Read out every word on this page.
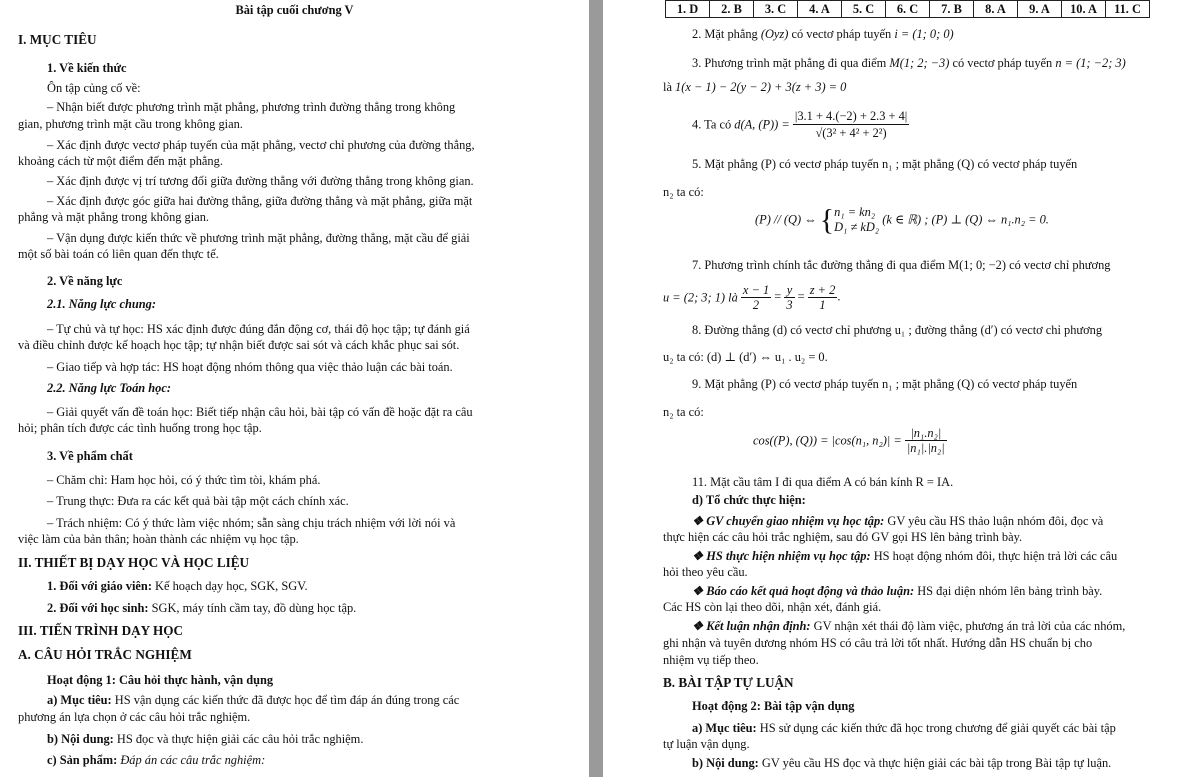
Bài tập cuối chương V
I. MỤC TIÊU
1. Về kiến thức
Ôn tập củng cố về:
– Nhận biết được phương trình mặt phẳng, phương trình đường thẳng trong không
gian, phương trình mặt cầu trong không gian.
– Xác định được vectơ pháp tuyến của mặt phẳng, vectơ chỉ phương của đường thẳng,
khoảng cách từ một điểm đến mặt phẳng.
– Xác định được vị trí tương đối giữa đường thẳng với đường thẳng trong không gian.
– Xác định được góc giữa hai đường thẳng, giữa đường thẳng và mặt phẳng, giữa mặt
phẳng và mặt phẳng trong không gian.
– Vận dụng được kiến thức về phương trình mặt phẳng, đường thẳng, mặt cầu để giải
một số bài toán có liên quan đến thực tế.
2. Về năng lực
2.1. Năng lực chung:
– Tự chủ và tự học: HS xác định được đúng đắn động cơ, thái độ học tập; tự đánh giá
và điều chỉnh được kế hoạch học tập; tự nhận biết được sai sót và cách khắc phục sai sót.
– Giao tiếp và hợp tác: HS hoạt động nhóm thông qua việc thảo luận các bài toán.
2.2. Năng lực Toán học:
– Giải quyết vấn đề toán học: Biết tiếp nhận câu hỏi, bài tập có vấn đề hoặc đặt ra câu
hỏi; phân tích được các tình huống trong học tập.
3. Về phẩm chất
– Chăm chỉ: Ham học hỏi, có ý thức tìm tòi, khám phá.
– Trung thực: Đưa ra các kết quả bài tập một cách chính xác.
– Trách nhiệm: Có ý thức làm việc nhóm; sẵn sàng chịu trách nhiệm với lời nói và
việc làm của bản thân; hoàn thành các nhiệm vụ học tập.
II. THIẾT BỊ DẠY HỌC VÀ HỌC LIỆU
1. Đối với giáo viên: Kế hoạch dạy học, SGK, SGV.
2. Đối với học sinh: SGK, máy tính cầm tay, đồ dùng học tập.
III. TIẾN TRÌNH DẠY HỌC
A. CÂU HỎI TRẮC NGHIỆM
Hoạt động 1: Câu hỏi thực hành, vận dụng
a) Mục tiêu: HS vận dụng các kiến thức đã được học để tìm đáp án đúng trong các
phương án lựa chọn ở các câu hỏi trắc nghiệm.
b) Nội dung: HS đọc và thực hiện giải các câu hỏi trắc nghiệm.
c) Sản phẩm: Đáp án các câu trắc nghiệm:
1. D	2. B	3. C	4. A	5. C	6. C	7. B	8. A	9. A	10. A	11. C
2. Mặt phẳng (Oyz) có vectơ pháp tuyến i = (1; 0; 0)
3. Phương trình mặt phẳng đi qua điểm M(1; 2; −3) có vectơ pháp tuyến n = (1; −2; 3)
là 1(x − 1) − 2(y − 2) + 3(z + 3) = 0
4. Ta có d(A, $(P)) = \frac{|3.1 + 4.(-2) + 2.3 + 4|}{\text{√(3² + 4² + 2²)}}$
5. Mặt phẳng (P) có vectơ pháp tuyến n₁ ; mặt phẳng (Q) có vectơ pháp tuyến
n₂ ta có:
(P) // (Q) ⇔ { n₁ = kn₂
D₁ ≠ kD₂
(k ∈ ℝ) ; (P) ⊥ (Q) ⇔ n₁.n₂ = 0.
7. Phương trình chính tắc đường thẳng đi qua điểm M(1; 0; −2) có vectơ chỉ phương
u = (2; 3; 1) là $\frac{x - 1}{2} = \frac{y}{3} = \frac{z + 2}{1}$ .
8. Đường thẳng (d) có vectơ chỉ phương u₁ ; đường thẳng (d′) có vectơ chỉ phương
u₂ ta có: (d) ⊥ (d′) ⇔ u₁ . u₂ = 0.
9. Mặt phẳng (P) có vectơ pháp tuyến n₁ ; mặt phẳng (Q) có vectơ pháp tuyến
n₂ ta có:
cos((P), (Q)) = |cos(n₁, $n_2)| = \frac{\text{|n₁.n₂|}}{\text{|n₁|.|n₂|}}$
11. Mặt cầu tâm I đi qua điểm A có bán kính R = IA.
d) Tổ chức thực hiện:
❖ GV chuyển giao nhiệm vụ học tập: GV yêu cầu HS thảo luận nhóm đôi, đọc và
thực hiện các câu hỏi trắc nghiệm, sau đó GV gọi HS lên bảng trình bày.
❖ HS thực hiện nhiệm vụ học tập: HS hoạt động nhóm đôi, thực hiện trả lời các câu
hỏi theo yêu cầu.
❖ Báo cáo kết quả hoạt động và thảo luận: HS đại diện nhóm lên bảng trình bày.
Các HS còn lại theo dõi, nhận xét, đánh giá.
❖ Kết luận nhận định: GV nhận xét thái độ làm việc, phương án trả lời của các nhóm,
ghi nhận và tuyên dương nhóm HS có câu trả lời tốt nhất. Hướng dẫn HS chuẩn bị cho
nhiệm vụ tiếp theo.
B. BÀI TẬP TỰ LUẬN
Hoạt động 2: Bài tập vận dụng
a) Mục tiêu: HS sử dụng các kiến thức đã học trong chương để giải quyết các bài tập
tự luận vận dụng.
b) Nội dung: GV yêu cầu HS đọc và thực hiện giải các bài tập trong Bài tập tự luận.
